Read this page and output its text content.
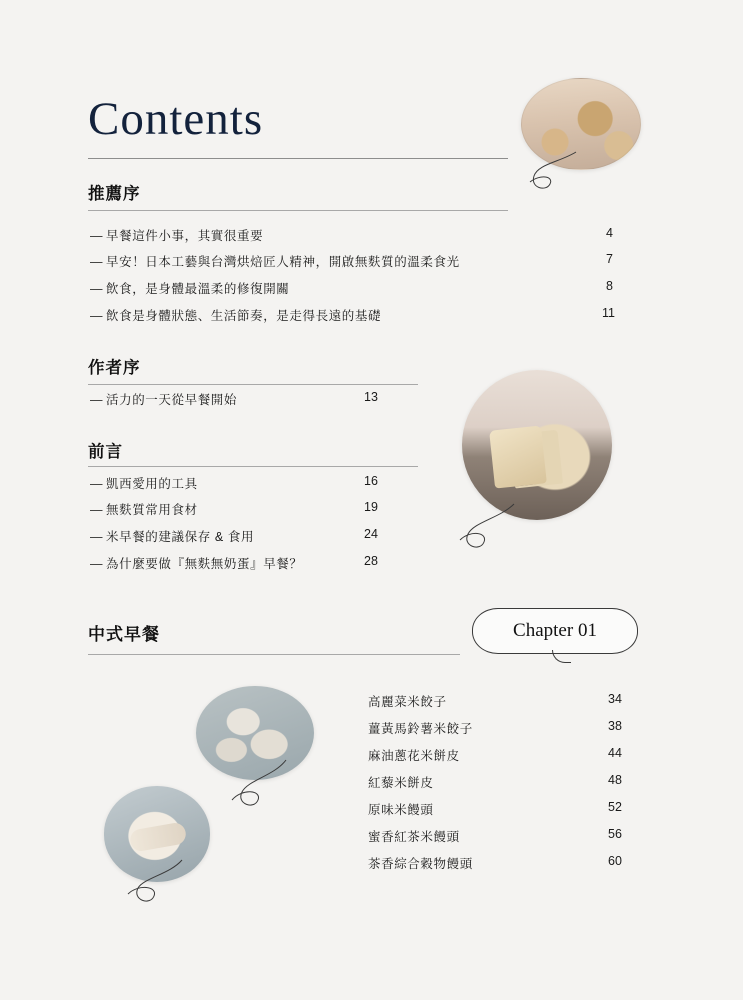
Contents
推薦序
— 早餐這件小事，其實很重要	4
— 早安！日本工藝與台灣烘焙匠人精神，開啟無麩質的溫柔食光	7
— 飲食，是身體最溫柔的修復開關	8
— 飲食是身體狀態、生活節奏，是走得長遠的基礎	11
作者序
— 活力的一天從早餐開始	13
前言
— 凱西愛用的工具	16
— 無麩質常用食材	19
— 米早餐的建議保存 & 食用	24
— 為什麼要做『無麩無奶蛋』早餐？	28
中式早餐	Chapter 01
高麗菜米餃子	34
薑黃馬鈴薯米餃子	38
麻油蔥花米餅皮	44
紅藜米餅皮	48
原味米饅頭	52
蜜香紅茶米饅頭	56
茶香綜合穀物饅頭	60
